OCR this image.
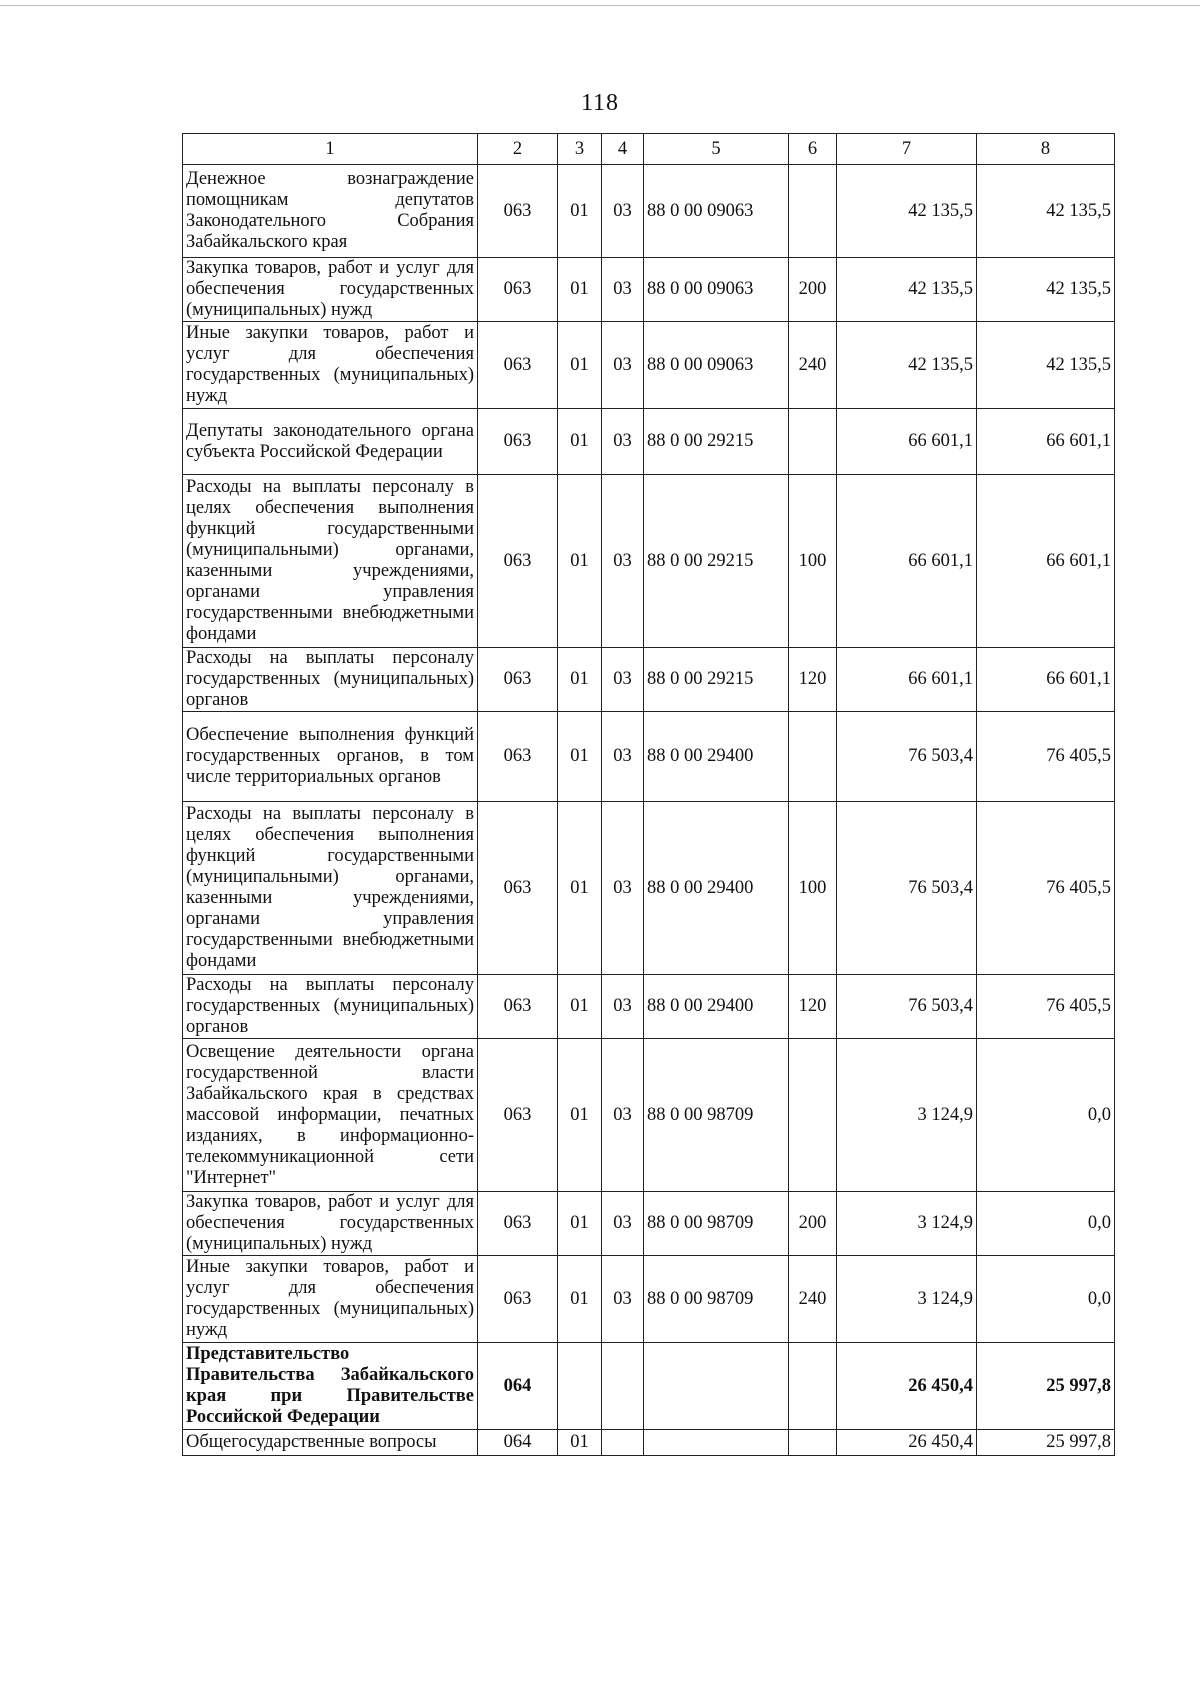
118
1	2	3	4	5	6	7	8
Денежное вознаграждение помощникам депутатов Законодательного Собрания Забайкальского края	063	01	03	88 0 00 09063		42 135,5	42 135,5
Закупка товаров, работ и услуг для обеспечения государственных (муниципальных) нужд	063	01	03	88 0 00 09063	200	42 135,5	42 135,5
Иные закупки товаров, работ и услуг для обеспечения государственных (муниципальных) нужд	063	01	03	88 0 00 09063	240	42 135,5	42 135,5
Депутаты законодательного органа субъекта Российской Федерации	063	01	03	88 0 00 29215		66 601,1	66 601,1
Расходы на выплаты персоналу в целях обеспечения выполнения функций государственными (муниципальными) органами, казенными учреждениями, органами управления государственными внебюджетными фондами	063	01	03	88 0 00 29215	100	66 601,1	66 601,1
Расходы на выплаты персоналу государственных (муниципальных) органов	063	01	03	88 0 00 29215	120	66 601,1	66 601,1
Обеспечение выполнения функций государственных органов, в том числе территориальных органов	063	01	03	88 0 00 29400		76 503,4	76 405,5
Расходы на выплаты персоналу в целях обеспечения выполнения функций государственными (муниципальными) органами, казенными учреждениями, органами управления государственными внебюджетными фондами	063	01	03	88 0 00 29400	100	76 503,4	76 405,5
Расходы на выплаты персоналу государственных (муниципальных) органов	063	01	03	88 0 00 29400	120	76 503,4	76 405,5
Освещение деятельности органа государственной власти Забайкальского края в средствах массовой информации, печатных изданиях, в информационно-телекоммуникационной сети "Интернет"	063	01	03	88 0 00 98709		3 124,9	0,0
Закупка товаров, работ и услуг для обеспечения государственных (муниципальных) нужд	063	01	03	88 0 00 98709	200	3 124,9	0,0
Иные закупки товаров, работ и услуг для обеспечения государственных (муниципальных) нужд	063	01	03	88 0 00 98709	240	3 124,9	0,0
Представительство Правительства Забайкальского края при Правительстве Российской Федерации	064					26 450,4	25 997,8
Общегосударственные вопросы	064	01				26 450,4	25 997,8
